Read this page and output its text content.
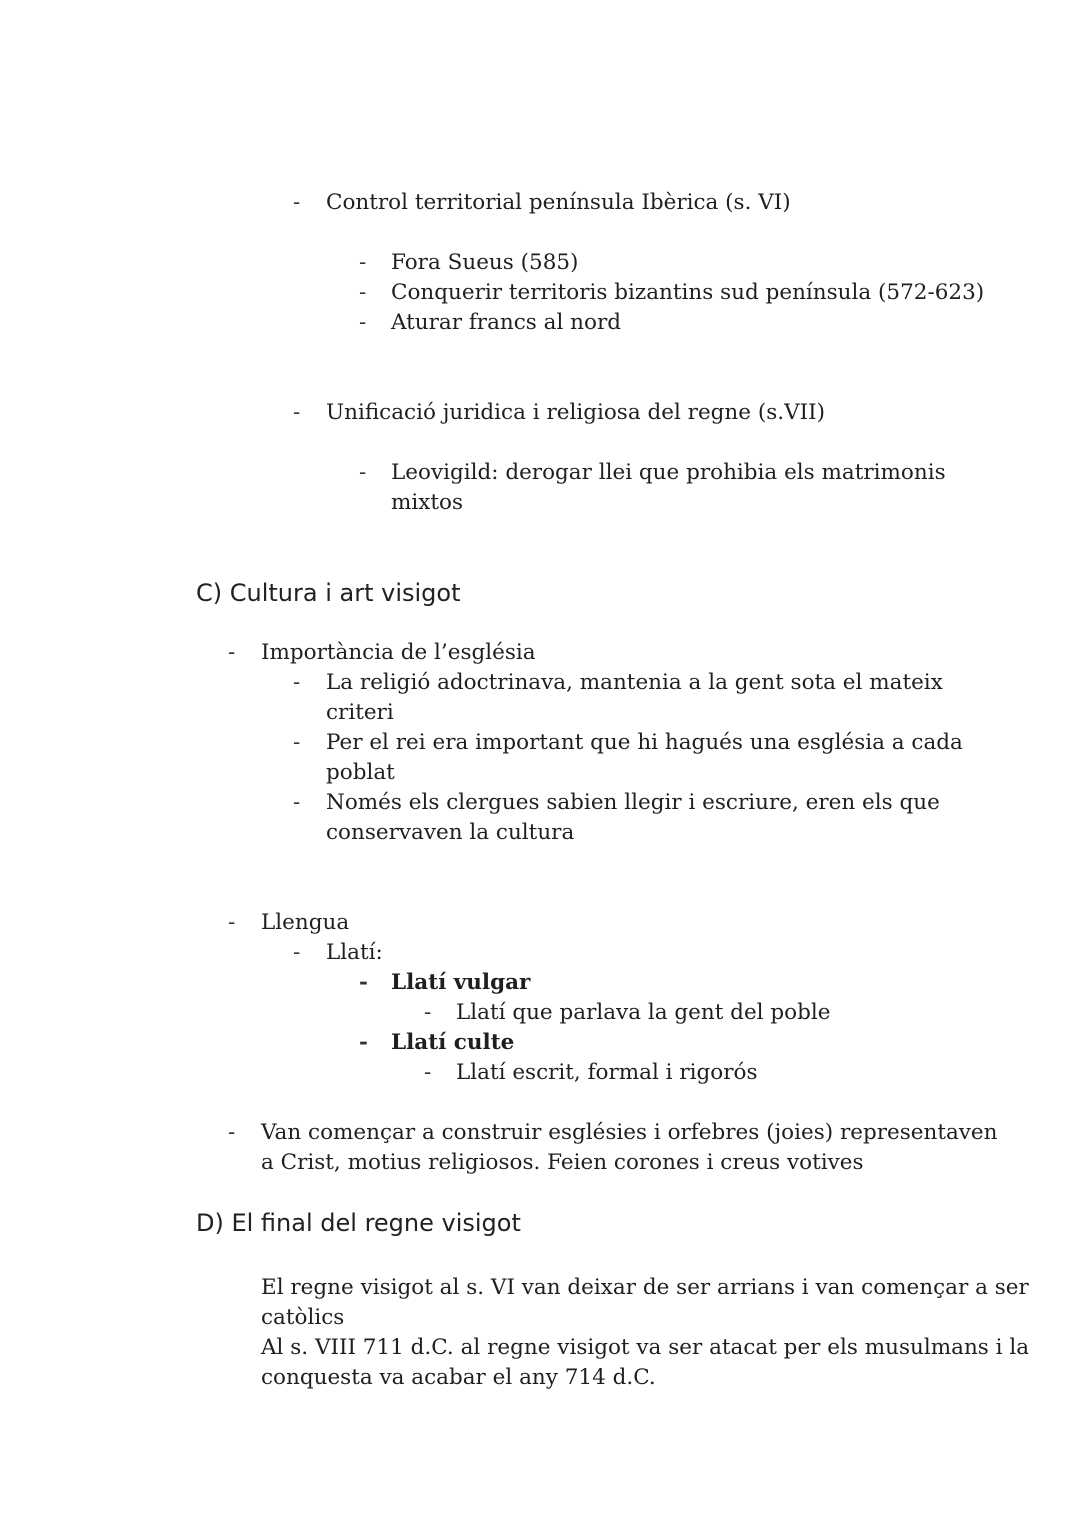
- Control territorial península Ibèrica (s. VI)
- Fora Sueus (585)
- Conquerir territoris bizantins sud península (572-623)
- Aturar francs al nord
- Unificació juridica i religiosa del regne (s.VII)
- Leovigild: derogar llei que prohibia els matrimonis
mixtos
C) Cultura i art visigot
- Importància de l’església
- La religió adoctrinava, mantenia a la gent sota el mateix
criteri
- Per el rei era important que hi hagués una església a cada
poblat
- Només els clergues sabien llegir i escriure, eren els que
conservaven la cultura
- Llengua
- Llatí:
- Llatí vulgar
- Llatí que parlava la gent del poble
- Llatí culte
- Llatí escrit, formal i rigorós
- Van començar a construir esglésies i orfebres (joies) representaven
a Crist, motius religiosos. Feien corones i creus votives
D) El final del regne visigot
El regne visigot al s. VI van deixar de ser arrians i van començar a ser
catòlics
Al s. VIII 711 d.C. al regne visigot va ser atacat per els musulmans i la
conquesta va acabar el any 714 d.C.
